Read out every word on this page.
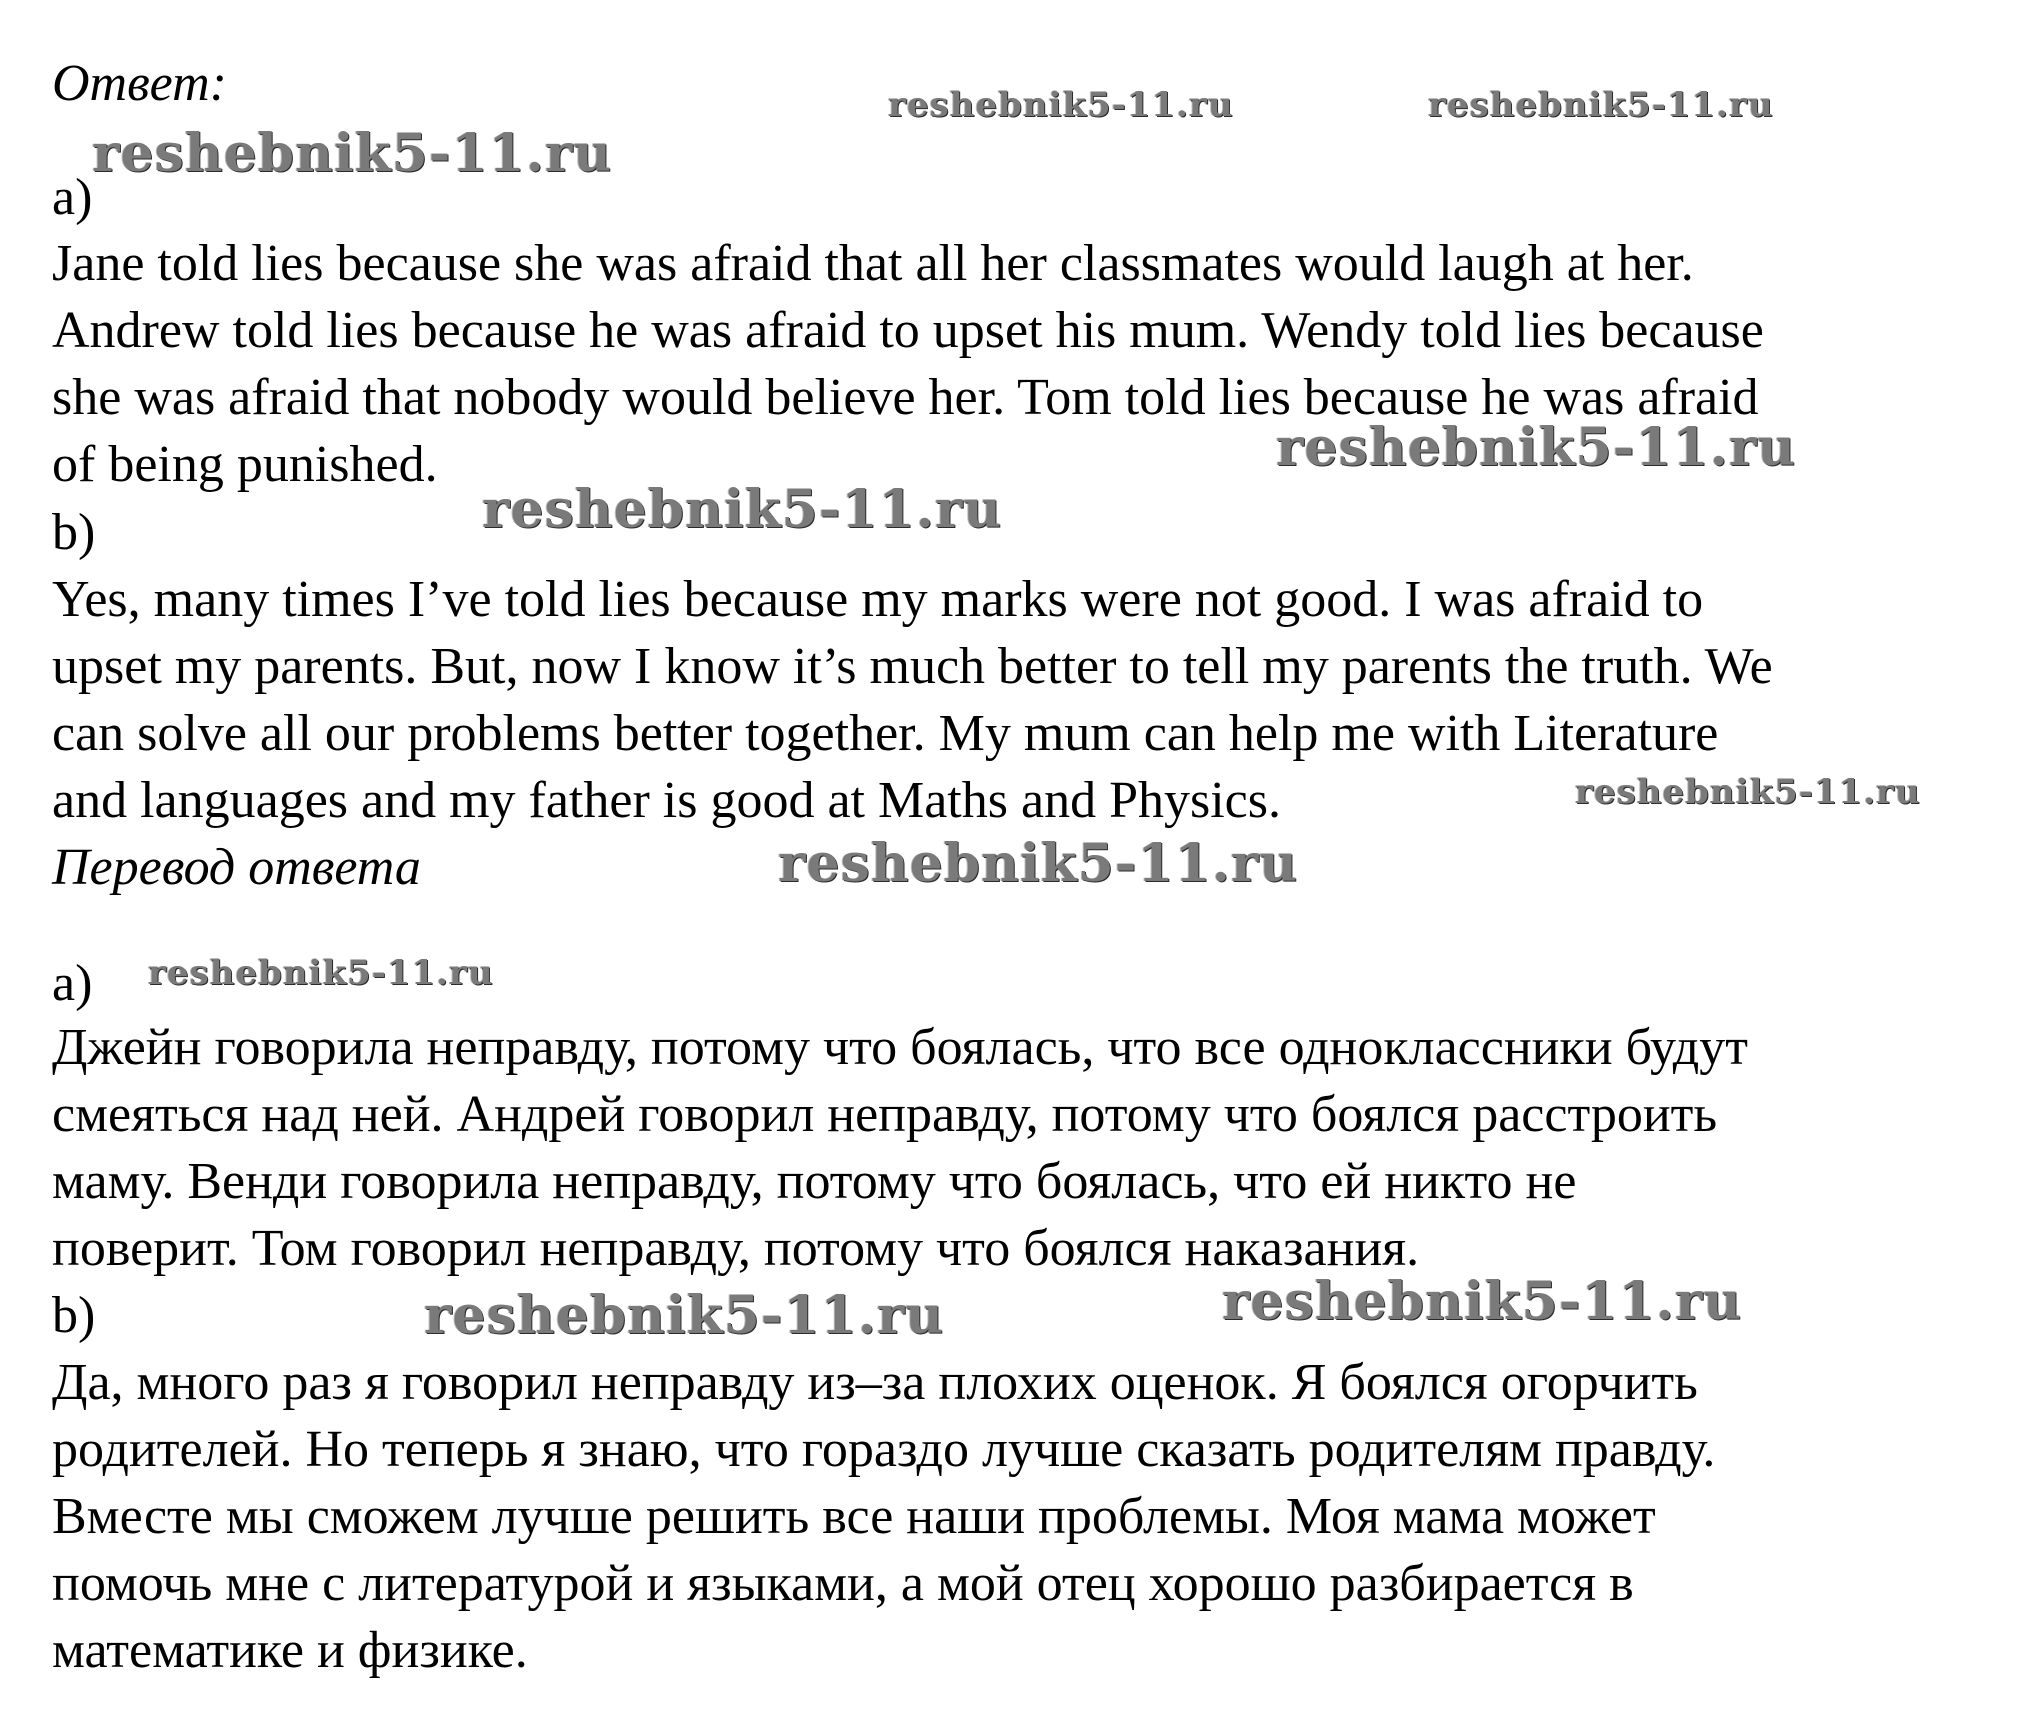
Ответ:
a)
Jane told lies because she was afraid that all her classmates would laugh at her.
Andrew told lies because he was afraid to upset his mum. Wendy told lies because
she was afraid that nobody would believe her. Tom told lies because he was afraid
of being punished.
b)
Yes, many times I’ve told lies because my marks were not good. I was afraid to
upset my parents. But, now I know it’s much better to tell my parents the truth. We
can solve all our problems better together. My mum can help me with Literature
and languages and my father is good at Maths and Physics.
Перевод ответа
a)
Джейн говорила неправду, потому что боялась, что все одноклассники будут
смеяться над ней. Андрей говорил неправду, потому что боялся расстроить
маму. Венди говорила неправду, потому что боялась, что ей никто не
поверит. Том говорил неправду, потому что боялся наказания.
b)
Да, много раз я говорил неправду из–за плохих оценок. Я боялся огорчить
родителей. Но теперь я знаю, что гораздо лучше сказать родителям правду.
Вместе мы сможем лучше решить все наши проблемы. Моя мама может
помочь мне с литературой и языками, а мой отец хорошо разбирается в
математике и физике.
reshebnik5-11.ru	reshebnik5-11.ru
reshebnik5-11.ru
reshebnik5-11.ru
reshebnik5-11.ru
reshebnik5-11.ru
reshebnik5-11.ru
reshebnik5-11.ru
reshebnik5-11.ru
reshebnik5-11.ru
